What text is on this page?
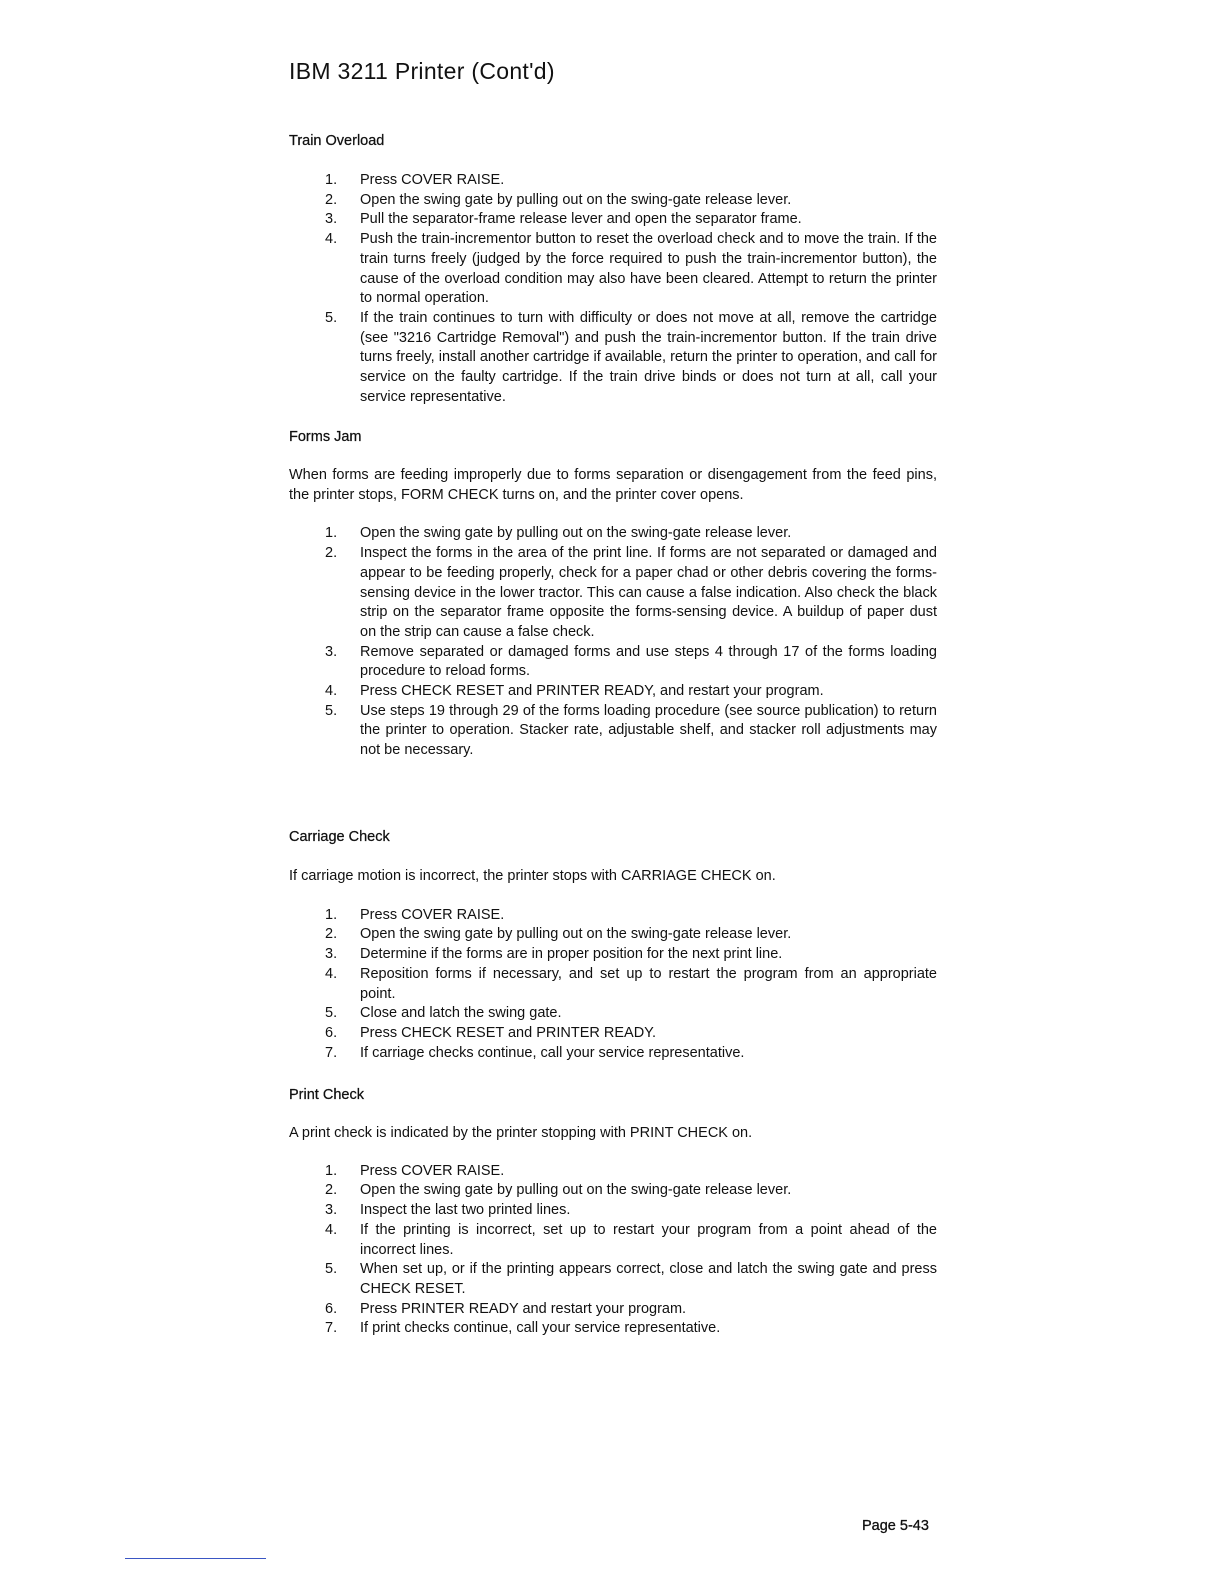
IBM 3211 Printer (Cont'd)
Train Overload
1. Press COVER RAISE.
2. Open the swing gate by pulling out on the swing-gate release lever.
3. Pull the separator-frame release lever and open the separator frame.
4. Push the train-incrementor button to reset the overload check and to move the train. If the train turns freely (judged by the force required to push the train-incrementor button), the cause of the overload condition may also have been cleared. Attempt to return the printer to normal operation.
5. If the train continues to turn with difficulty or does not move at all, remove the cartridge (see "3216 Cartridge Removal") and push the train-incrementor button. If the train drive turns freely, install another cartridge if available, return the printer to operation, and call for service on the faulty cartridge. If the train drive binds or does not turn at all, call your service representative.
Forms Jam

When forms are feeding improperly due to forms separation or disengagement from the feed pins, the printer stops, FORM CHECK turns on, and the printer cover opens.

1. Open the swing gate by pulling out on the swing-gate release lever.
2. Inspect the forms in the area of the print line. If forms are not separated or damaged and appear to be feeding properly, check for a paper chad or other debris covering the forms-sensing device in the lower tractor. This can cause a false indication. Also check the black strip on the separator frame opposite the forms-sensing device. A buildup of paper dust on the strip can cause a false check.
3. Remove separated or damaged forms and use steps 4 through 17 of the forms loading procedure to reload forms.
4. Press CHECK RESET and PRINTER READY, and restart your program.
5. Use steps 19 through 29 of the forms loading procedure (see source publication) to return the printer to operation. Stacker rate, adjustable shelf, and stacker roll adjustments may not be necessary.
Carriage Check

If carriage motion is incorrect, the printer stops with CARRIAGE CHECK on.

1. Press COVER RAISE.
2. Open the swing gate by pulling out on the swing-gate release lever.
3. Determine if the forms are in proper position for the next print line.
4. Reposition forms if necessary, and set up to restart the program from an appropriate point.
5. Close and latch the swing gate.
6. Press CHECK RESET and PRINTER READY.
7. If carriage checks continue, call your service representative.
Print Check

A print check is indicated by the printer stopping with PRINT CHECK on.

1. Press COVER RAISE.
2. Open the swing gate by pulling out on the swing-gate release lever.
3. Inspect the last two printed lines.
4. If the printing is incorrect, set up to restart your program from a point ahead of the incorrect lines.
5. When set up, or if the printing appears correct, close and latch the swing gate and press CHECK RESET.
6. Press PRINTER READY and restart your program.
7. If print checks continue, call your service representative.
Page 5-43
